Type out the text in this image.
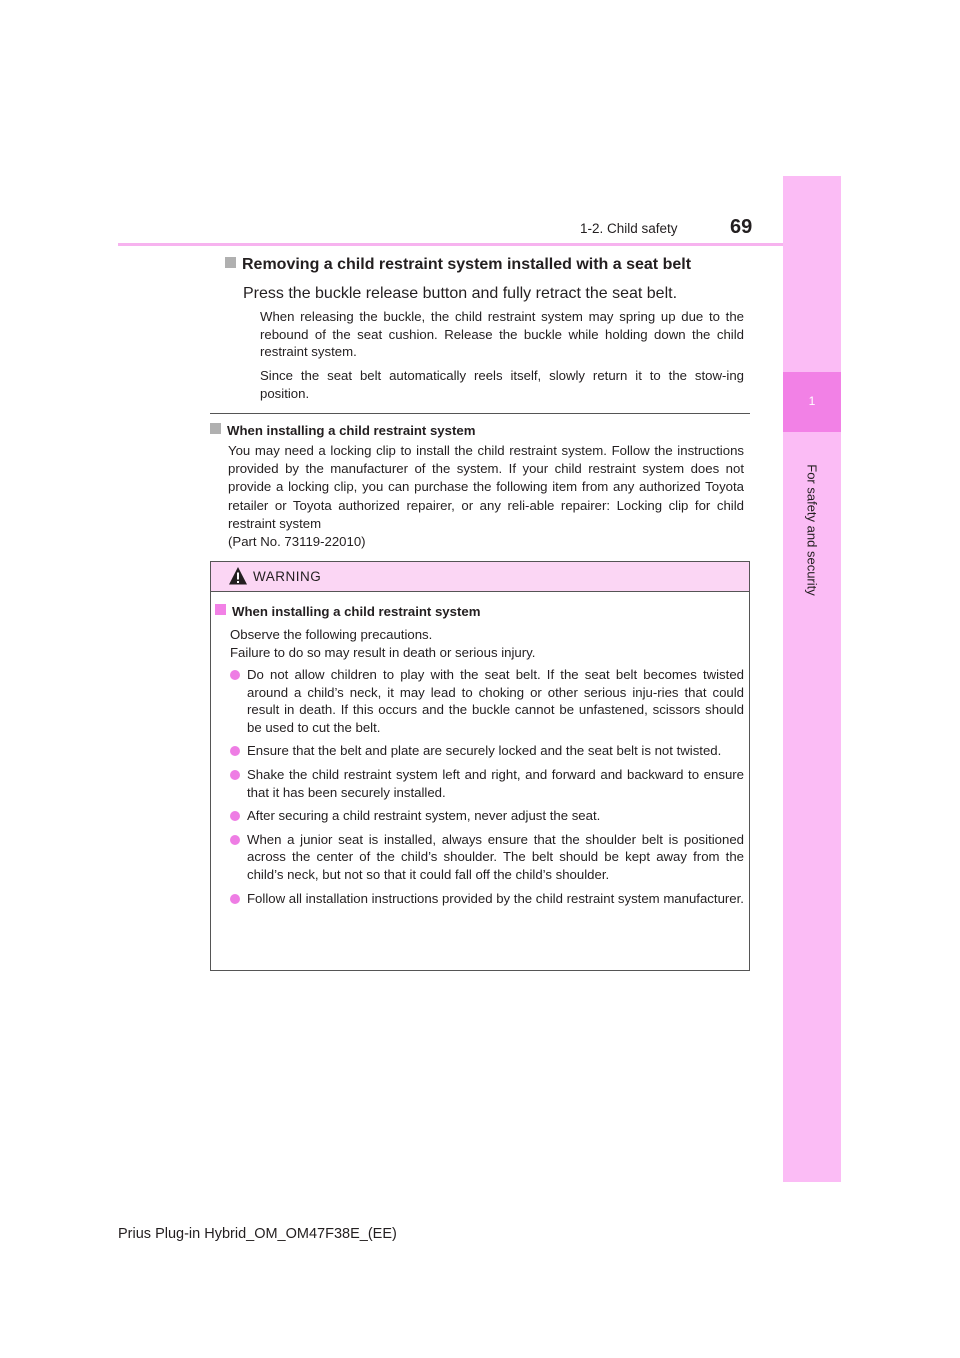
1-2. Child safety	69
1
For safety and security
Removing a child restraint system installed with a seat belt
Press the buckle release button and fully retract the seat belt.

When releasing the buckle, the child restraint system may spring up due to the rebound of the seat cushion. Release the buckle while holding down the child restraint system.

Since the seat belt automatically reels itself, slowly return it to the stow-ing position.

When installing a child restraint system

You may need a locking clip to install the child restraint system. Follow the instructions provided by the manufacturer of the system. If your child restraint system does not provide a locking clip, you can purchase the following item from any authorized Toyota retailer or Toyota authorized repairer, or any reli-able repairer: Locking clip for child restraint system
(Part No. 73119-22010)

WARNING
When installing a child restraint system

Observe the following precautions.
Failure to do so may result in death or serious injury.

Do not allow children to play with the seat belt. If the seat belt becomes twisted around a child’s neck, it may lead to choking or other serious inju-ries that could result in death. If this occurs and the buckle cannot be unfastened, scissors should be used to cut the belt.
Ensure that the belt and plate are securely locked and the seat belt is not twisted.
Shake the child restraint system left and right, and forward and backward to ensure that it has been securely installed.
After securing a child restraint system, never adjust the seat.
When a junior seat is installed, always ensure that the shoulder belt is positioned across the center of the child’s shoulder. The belt should be kept away from the child’s neck, but not so that it could fall off the child’s shoulder.
Follow all installation instructions provided by the child restraint system manufacturer.
Prius Plug-in Hybrid_OM_OM47F38E_(EE)
